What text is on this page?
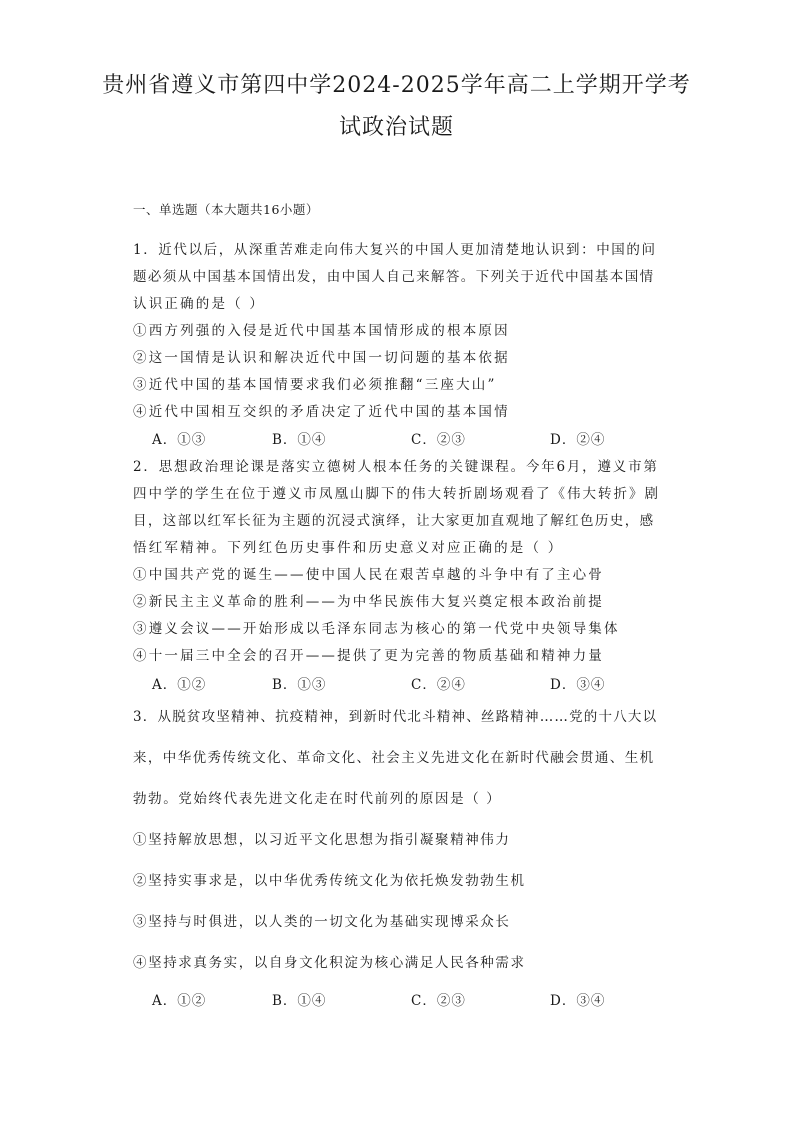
贵州省遵义市第四中学2024-2025学年高二上学期开学考
试政治试题
一、单选题（本大题共16小题）
1．近代以后，从深重苦难走向伟大复兴的中国人更加清楚地认识到：中国的问
题必须从中国基本国情出发，由中国人自己来解答。下列关于近代中国基本国情
认识正确的是（ ）
①西方列强的入侵是近代中国基本国情形成的根本原因
②这一国情是认识和解决近代中国一切问题的基本依据
③近代中国的基本国情要求我们必须推翻“三座大山”
④近代中国相互交织的矛盾决定了近代中国的基本国情
A．①③	B．①④	C．②③	D．②④
2．思想政治理论课是落实立德树人根本任务的关键课程。今年6月，遵义市第
四中学的学生在位于遵义市凤凰山脚下的伟大转折剧场观看了《伟大转折》剧
目，这部以红军长征为主题的沉浸式演绎，让大家更加直观地了解红色历史，感
悟红军精神。下列红色历史事件和历史意义对应正确的是（ ）
①中国共产党的诞生——使中国人民在艰苦卓越的斗争中有了主心骨
②新民主主义革命的胜利——为中华民族伟大复兴奠定根本政治前提
③遵义会议——开始形成以毛泽东同志为核心的第一代党中央领导集体
④十一届三中全会的召开——提供了更为完善的物质基础和精神力量
A．①②	B．①③	C．②④	D．③④
3．从脱贫攻坚精神、抗疫精神，到新时代北斗精神、丝路精神……党的十八大以
来，中华优秀传统文化、革命文化、社会主义先进文化在新时代融会贯通、生机
勃勃。党始终代表先进文化走在时代前列的原因是（ ）
①坚持解放思想，以习近平文化思想为指引凝聚精神伟力
②坚持实事求是，以中华优秀传统文化为依托焕发勃勃生机
③坚持与时俱进，以人类的一切文化为基础实现博采众长
④坚持求真务实，以自身文化积淀为核心满足人民各种需求
A．①②	B．①④	C．②③	D．③④
